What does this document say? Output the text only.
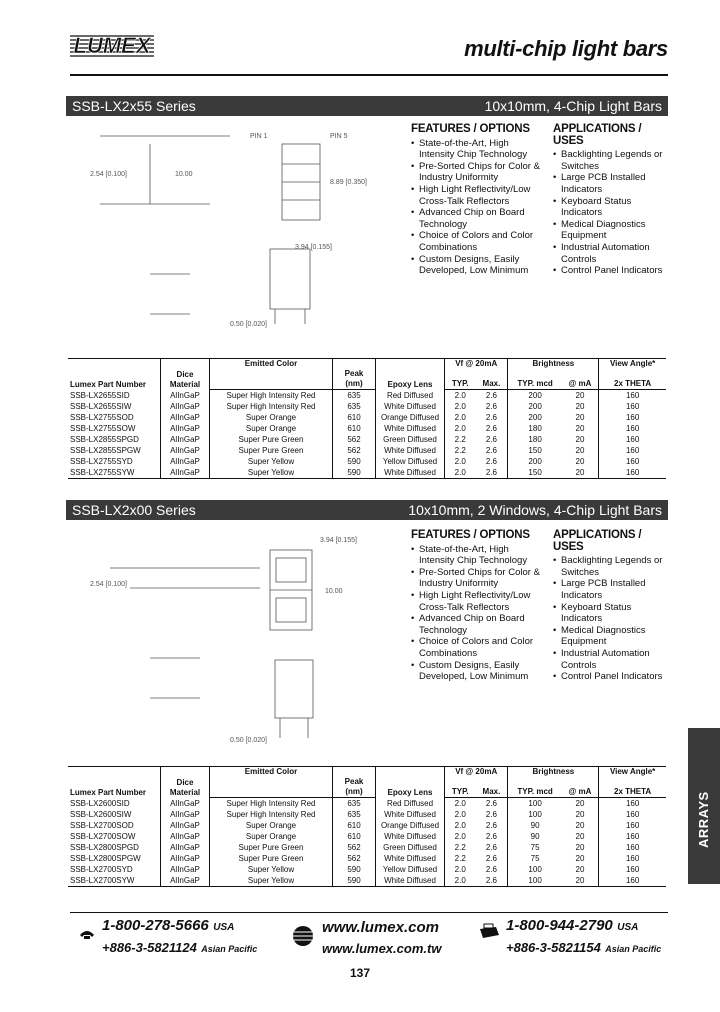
LUMEX	multi-chip light bars
SSB-LX2x55 Series	10x10mm, 4-Chip Light Bars
PIN 1	PIN 5
3.94 [0.155]
10.00
8.89 [0.350]
2.54 [0.100]
0.50 [0.020]
FEATURES / OPTIONS
• State-of-the-Art, High Intensity Chip Technology
• Pre-Sorted Chips for Color & Industry Uniformity
• High Light Reflectivity/Low Cross-Talk Reflectors
• Advanced Chip on Board Technology
• Choice of Colors and Color Combinations
• Custom Designs, Easily Developed, Low Minimum
APPLICATIONS / USES
• Backlighting Legends or Switches
• Large PCB Installed Indicators
• Keyboard Status Indicators
• Medical Diagnostics Equipment
• Industrial Automation Controls
• Control Panel Indicators
Lumex Part Number	Dice Material	Emitted Color		Epoxy Lens	Vf @ 20mA		Brightness		View Angle*
			Peak (nm)		TYP.	Max.	TYP. mcd	@ mA	2x THETA
SSB-LX2655SID	AlInGaP	Super High Intensity Red	635	Red Diffused	2.0	2.6	200	20	160
SSB-LX2655SIW	AlInGaP	Super High Intensity Red	635	White Diffused	2.0	2.6	200	20	160
SSB-LX2755SOD	AlInGaP	Super Orange	610	Orange Diffused	2.0	2.6	200	20	160
SSB-LX2755SOW	AlInGaP	Super Orange	610	White Diffused	2.0	2.6	180	20	160
SSB-LX2855SPGD	AlInGaP	Super Pure Green	562	Green Diffused	2.2	2.6	180	20	160
SSB-LX2855SPGW	AlInGaP	Super Pure Green	562	White Diffused	2.2	2.6	150	20	160
SSB-LX2755SYD	AlInGaP	Super Yellow	590	Yellow Diffused	2.0	2.6	200	20	160
SSB-LX2755SYW	AlInGaP	Super Yellow	590	White Diffused	2.0	2.6	150	20	160
SSB-LX2x00 Series	10x10mm, 2 Windows, 4-Chip Light Bars
3.94 [0.155]
10.00
2.54 [0.100]
0.50 [0.020]
FEATURES / OPTIONS
• State-of-the-Art, High Intensity Chip Technology
• Pre-Sorted Chips for Color & Industry Uniformity
• High Light Reflectivity/Low Cross-Talk Reflectors
• Advanced Chip on Board Technology
• Choice of Colors and Color Combinations
• Custom Designs, Easily Developed, Low Minimum
APPLICATIONS / USES
• Backlighting Legends or Switches
• Large PCB Installed Indicators
• Keyboard Status Indicators
• Medical Diagnostics Equipment
• Industrial Automation Controls
• Control Panel Indicators
Lumex Part Number	Dice Material	Emitted Color		Epoxy Lens	Vf @ 20mA		Brightness		View Angle*
			Peak (nm)		TYP.	Max.	TYP. mcd	@ mA	2x THETA
SSB-LX2600SID	AlInGaP	Super High Intensity Red	635	Red Diffused	2.0	2.6	100	20	160
SSB-LX2600SIW	AlInGaP	Super High Intensity Red	635	White Diffused	2.0	2.6	100	20	160
SSB-LX2700SOD	AlInGaP	Super Orange	610	Orange Diffused	2.0	2.6	90	20	160
SSB-LX2700SOW	AlInGaP	Super Orange	610	White Diffused	2.0	2.6	90	20	160
SSB-LX2800SPGD	AlInGaP	Super Pure Green	562	Green Diffused	2.2	2.6	75	20	160
SSB-LX2800SPGW	AlInGaP	Super Pure Green	562	White Diffused	2.2	2.6	75	20	160
SSB-LX2700SYD	AlInGaP	Super Yellow	590	Yellow Diffused	2.0	2.6	100	20	160
SSB-LX2700SYW	AlInGaP	Super Yellow	590	White Diffused	2.0	2.6	100	20	160
ARRAYS
1-800-278-5666 USA
+886-3-5821124 Asian Pacific
www.lumex.com
www.lumex.com.tw
1-800-944-2790 USA
+886-3-5821154 Asian Pacific
137
